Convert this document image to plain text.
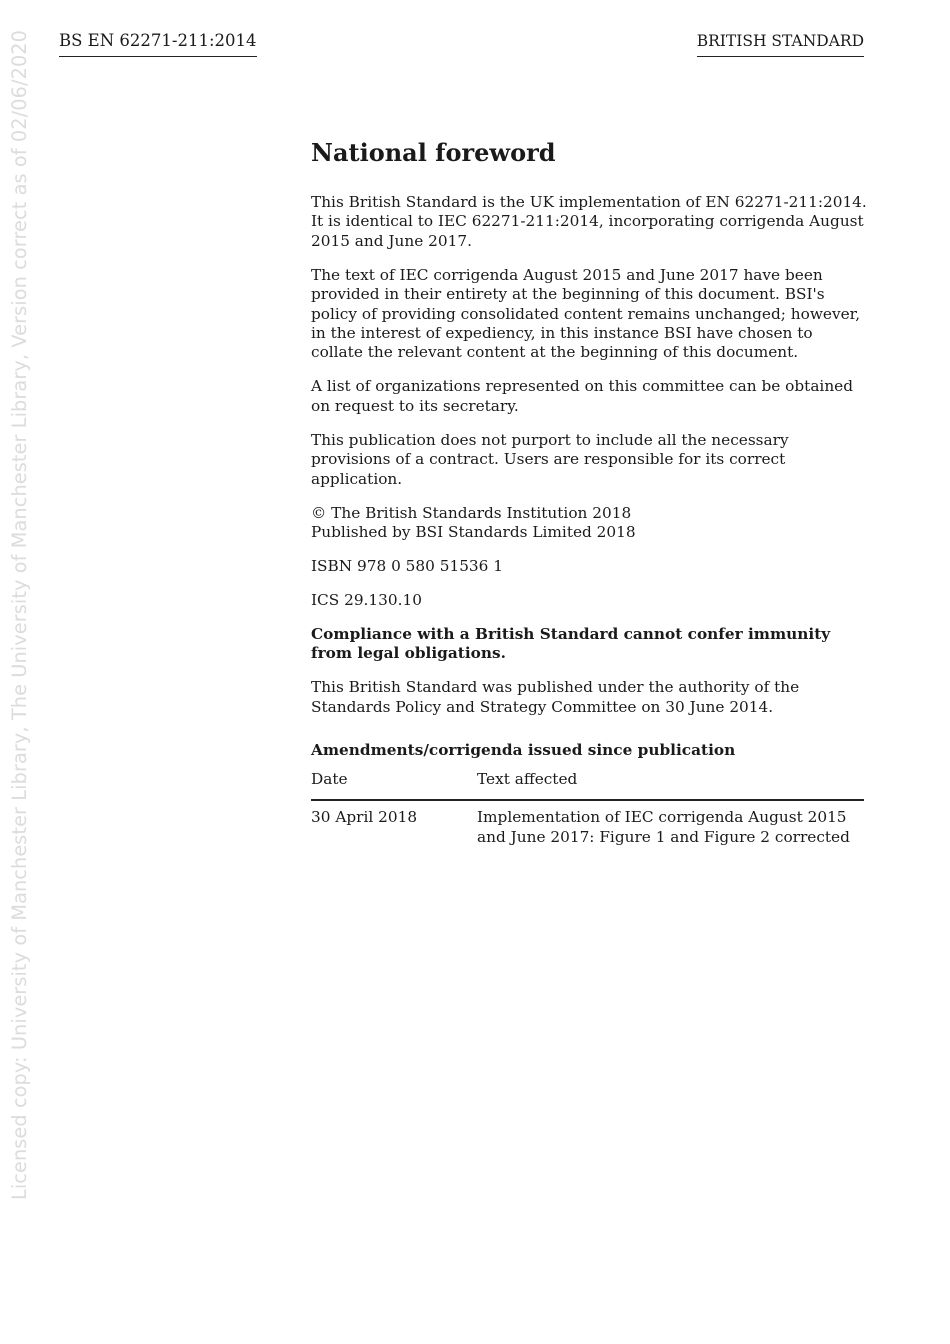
BS EN 62271-211:2014	BRITISH STANDARD
Licensed copy: University of Manchester Library, The University of Manchester Library, Version correct as of 02/06/2020	National foreword

This British Standard is the UK implementation of EN 62271-211:2014. It is identical to IEC 62271-211:2014, incorporating corrigenda August 2015 and June 2017.

The text of IEC corrigenda August 2015 and June 2017 have been provided in their entirety at the beginning of this document. BSI's policy of providing consolidated content remains unchanged; however, in the interest of expediency, in this instance BSI have chosen to collate the relevant content at the beginning of this document.

A list of organizations represented on this committee can be obtained on request to its secretary.

This publication does not purport to include all the necessary provisions of a contract. Users are responsible for its correct application.

© The British Standards Institution 2018
Published by BSI Standards Limited 2018

ISBN 978 0 580 51536 1

ICS 29.130.10

Compliance with a British Standard cannot confer immunity from legal obligations.

This British Standard was published under the authority of the Standards Policy and Strategy Committee on 30 June 2014.

Amendments/corrigenda issued since publication
Date	Text affected
30 April 2018	Implementation of IEC corrigenda August 2015 and June 2017: Figure 1 and Figure 2 corrected
